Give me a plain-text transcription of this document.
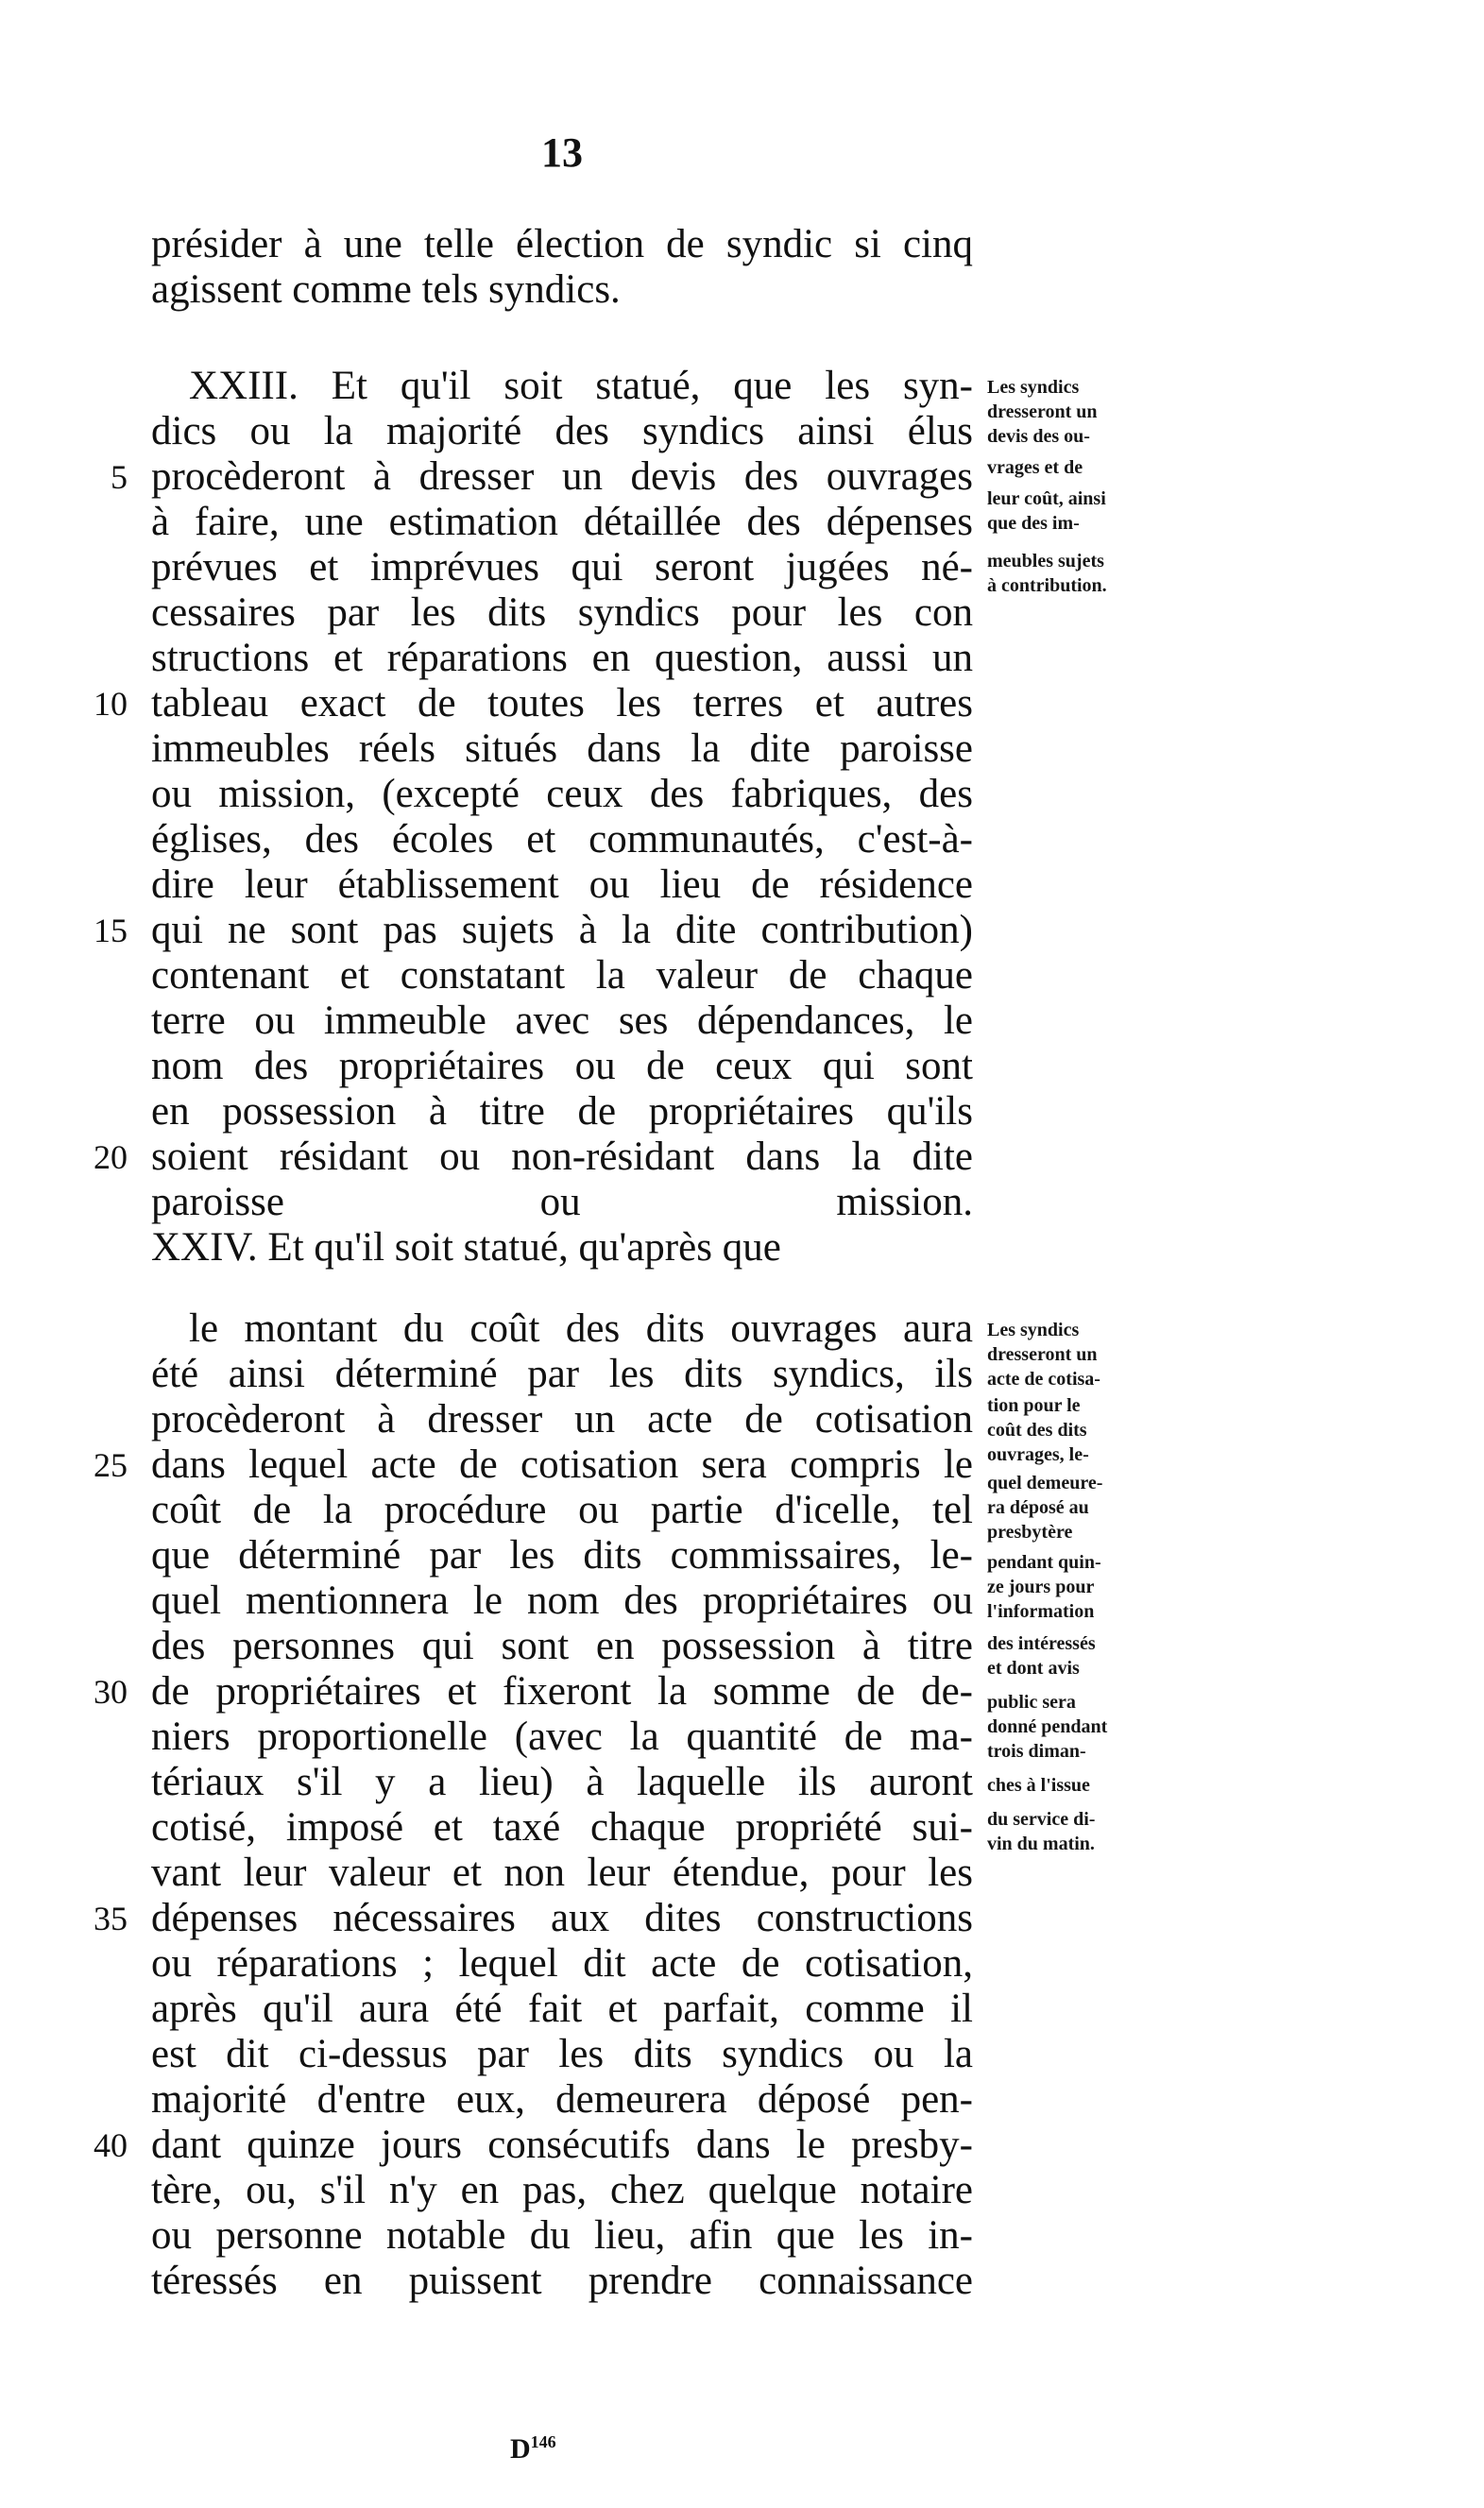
13
présider à une telle élection de syndic si cinq
agissent comme tels syndics.
XXIII. Et qu'il soit statué, que les syn-
dics ou la majorité des syndics ainsi élus
procèderont à dresser un devis des ouvrages
à faire, une estimation détaillée des dépenses
prévues et imprévues qui seront jugées né-
cessaires par les dits syndics pour les con
structions et réparations en question, aussi un
tableau exact de toutes les terres et autres
immeubles réels situés dans la dite paroisse
ou mission, (excepté ceux des fabriques, des
églises, des écoles et communautés, c'est-à-
dire leur établissement ou lieu de résidence
qui ne sont pas sujets à la dite contribution)
contenant et constatant la valeur de chaque
terre ou immeuble avec ses dépendances, le
nom des propriétaires ou de ceux qui sont
en possession à titre de propriétaires qu'ils
soient résidant ou non-résidant dans la dite
paroisse ou mission.
XXIV. Et qu'il soit statué, qu'après que
le montant du coût des dits ouvrages aura
été ainsi déterminé par les dits syndics, ils
procèderont à dresser un acte de cotisation
dans lequel acte de cotisation sera compris le
coût de la procédure ou partie d'icelle, tel
que déterminé par les dits commissaires, le-
quel mentionnera le nom des propriétaires ou
des personnes qui sont en possession à titre
de propriétaires et fixeront la somme de de-
niers proportionelle (avec la quantité de ma-
tériaux s'il y a lieu) à laquelle ils auront
cotisé, imposé et taxé chaque propriété sui-
vant leur valeur et non leur étendue, pour les
dépenses nécessaires aux dites constructions
ou réparations ; lequel dit acte de cotisation,
après qu'il aura été fait et parfait, comme il
est dit ci-dessus par les dits syndics ou la
majorité d'entre eux, demeurera déposé pen-
dant quinze jours consécutifs dans le presby-
tère, ou, s'il n'y en pas, chez quelque notaire
ou personne notable du lieu, afin que les in-
téressés en puissent prendre connaissance
5
10
15
20
25
30
35
40
Les syndics
dresseront un
devis des ou-
vrages et de
leur coût, ainsi
que des im-
meubles sujets
à contribution.
Les syndics
dresseront un
acte de cotisa-
tion pour le
coût des dits
ouvrages, le-
quel demeure-
ra déposé au
presbytère
pendant quin-
ze jours pour
l'information
des intéressés
et dont avis
public sera
donné pendant
trois diman-
ches à l'issue
du service di-
vin du matin.
$D^{146}$
